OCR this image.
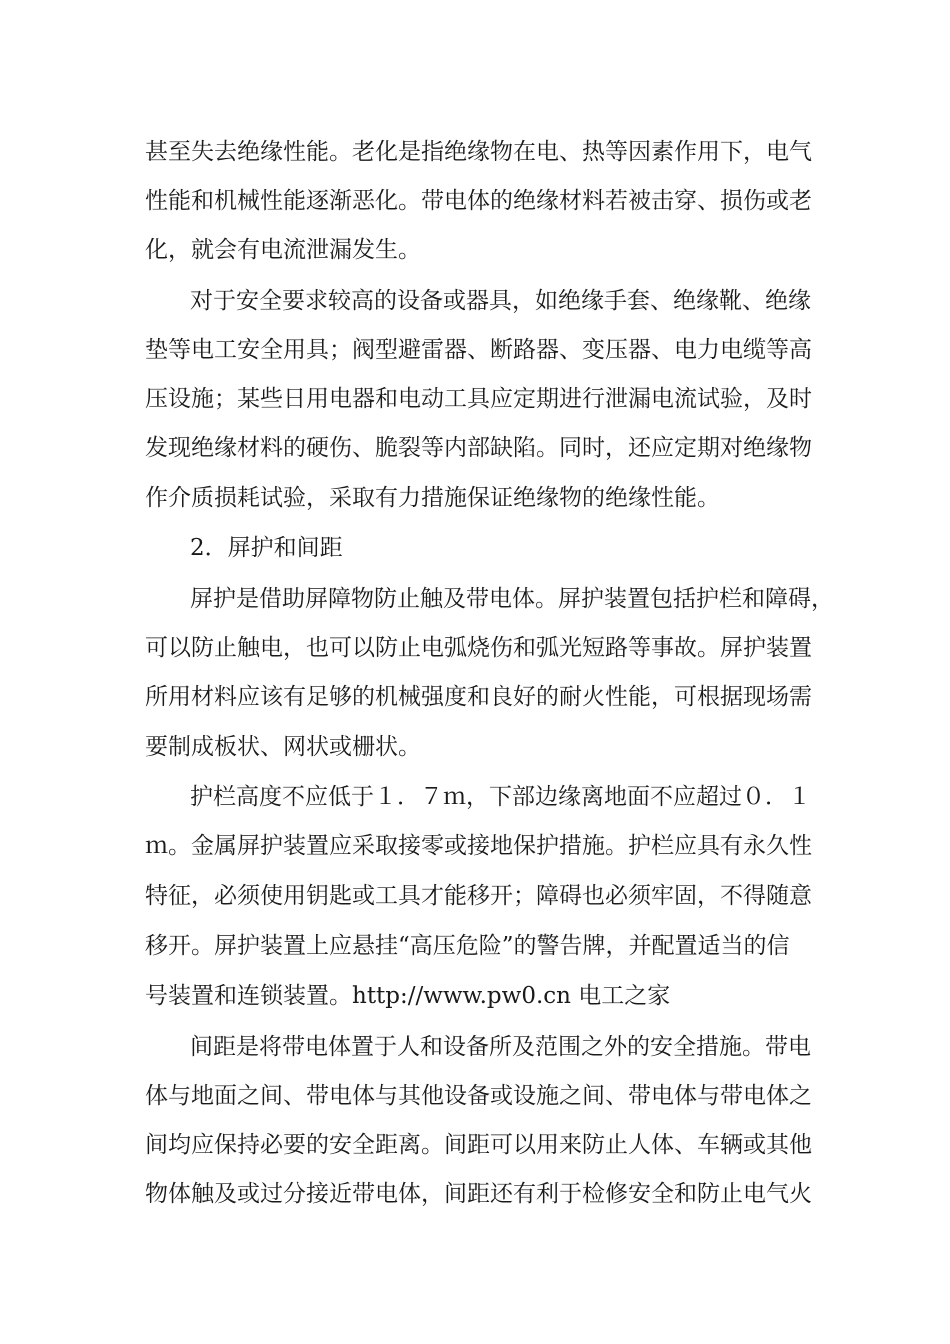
甚至失去绝缘性能。老化是指绝缘物在电、热等因素作用下，电气
性能和机械性能逐渐恶化。带电体的绝缘材料若被击穿、损伤或老
化，就会有电流泄漏发生。
对于安全要求较高的设备或器具，如绝缘手套、绝缘靴、绝缘
垫等电工安全用具；阀型避雷器、断路器、变压器、电力电缆等高
压设施；某些日用电器和电动工具应定期进行泄漏电流试验，及时
发现绝缘材料的硬伤、脆裂等内部缺陷。同时，还应定期对绝缘物
作介质损耗试验，采取有力措施保证绝缘物的绝缘性能。
2．屏护和间距
屏护是借助屏障物防止触及带电体。屏护装置包括护栏和障碍，
可以防止触电，也可以防止电弧烧伤和弧光短路等事故。屏护装置
所用材料应该有足够的机械强度和良好的耐火性能，可根据现场需
要制成板状、网状或栅状。
护栏高度不应低于１．７ｍ，下部边缘离地面不应超过０．１
ｍ。金属屏护装置应采取接零或接地保护措施。护栏应具有永久性
特征，必须使用钥匙或工具才能移开；障碍也必须牢固，不得随意
移开。屏护装置上应悬挂“高压危险”的警告牌，并配置适当的信
号装置和连锁装置。http://www.pw0.cn 电工之家
间距是将带电体置于人和设备所及范围之外的安全措施。带电
体与地面之间、带电体与其他设备或设施之间、带电体与带电体之
间均应保持必要的安全距离。间距可以用来防止人体、车辆或其他
物体触及或过分接近带电体，间距还有利于检修安全和防止电气火
